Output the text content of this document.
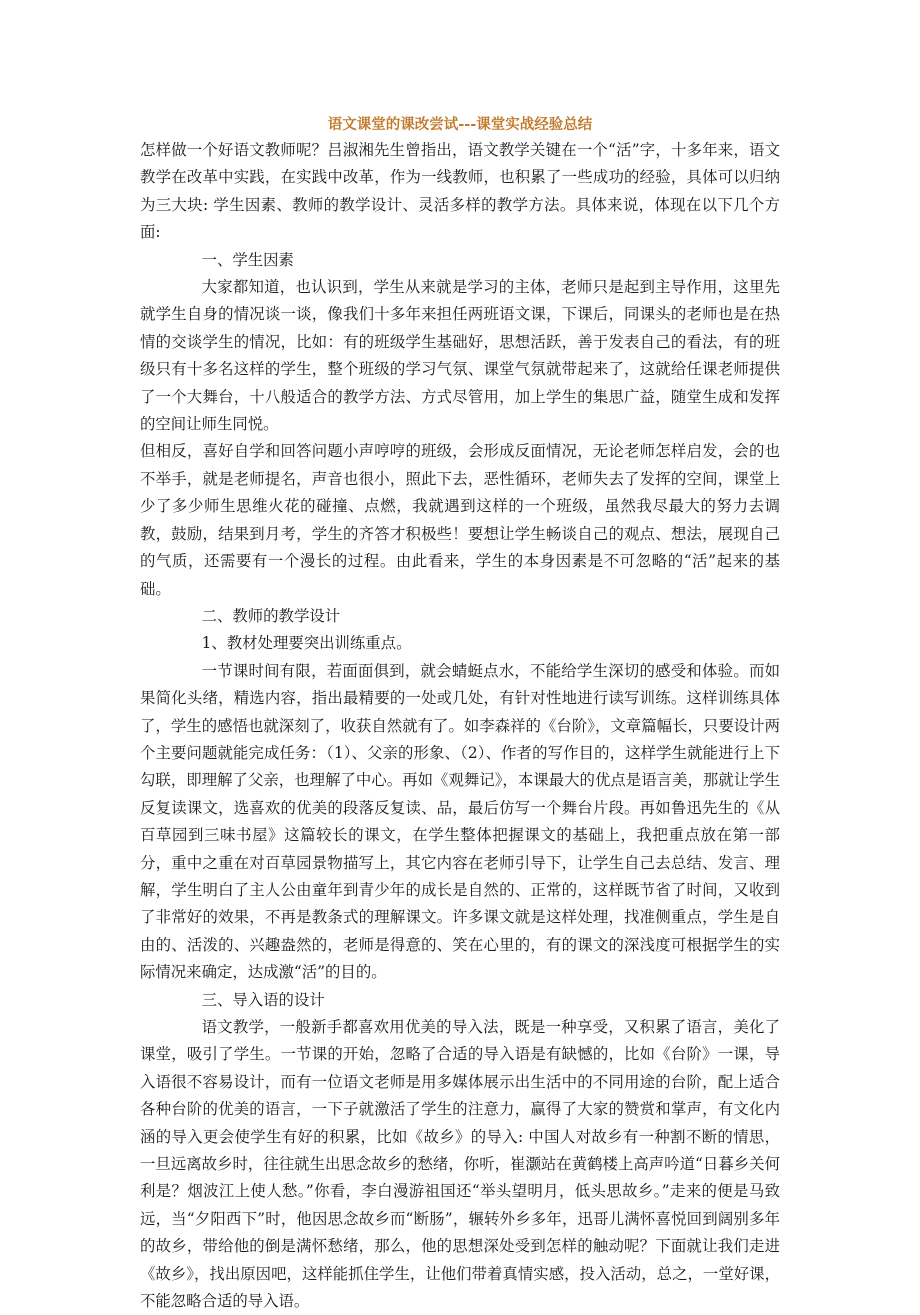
语文课堂的课改尝试---课堂实战经验总结

怎样做一个好语文教师呢？吕淑湘先生曾指出，语文教学关键在一个“活”字，十多年来，语文教学在改革中实践，在实践中改革，作为一线教师，也积累了一些成功的经验，具体可以归纳为三大块: 学生因素、教师的教学设计、灵活多样的教学方法。具体来说，体现在以下几个方面:

一、学生因素

大家都知道，也认识到，学生从来就是学习的主体，老师只是起到主导作用，这里先就学生自身的情况谈一谈，像我们十多年来担任两班语文课，下课后，同课头的老师也是在热情的交谈学生的情况，比如：有的班级学生基础好，思想活跃，善于发表自己的看法，有的班级只有十多名这样的学生，整个班级的学习气氛、课堂气氛就带起来了，这就给任课老师提供了一个大舞台，十八般适合的教学方法、方式尽管用，加上学生的集思广益，随堂生成和发挥的空间让师生同悦。

但相反，喜好自学和回答问题小声哼哼的班级，会形成反面情况，无论老师怎样启发，会的也不举手，就是老师提名，声音也很小，照此下去，恶性循环，老师失去了发挥的空间，课堂上少了多少师生思维火花的碰撞、点燃，我就遇到这样的一个班级，虽然我尽最大的努力去调教，鼓励，结果到月考，学生的齐答才积极些！要想让学生畅谈自己的观点、想法，展现自己的气质，还需要有一个漫长的过程。由此看来，学生的本身因素是不可忽略的“活”起来的基础。

二、教师的教学设计

1、教材处理要突出训练重点。

一节课时间有限，若面面俱到，就会蜻蜓点水，不能给学生深切的感受和体验。而如果简化头绪，精选内容，指出最精要的一处或几处，有针对性地进行读写训练。这样训练具体了，学生的感悟也就深刻了，收获自然就有了。如李森祥的《台阶》，文章篇幅长，只要设计两个主要问题就能完成任务：（1）、父亲的形象、（2）、作者的写作目的，这样学生就能进行上下勾联，即理解了父亲，也理解了中心。再如《观舞记》，本课最大的优点是语言美，那就让学生反复读课文，选喜欢的优美的段落反复读、品，最后仿写一个舞台片段。再如鲁迅先生的《从百草园到三味书屋》这篇较长的课文，在学生整体把握课文的基础上，我把重点放在第一部分，重中之重在对百草园景物描写上，其它内容在老师引导下，让学生自己去总结、发言、理解，学生明白了主人公由童年到青少年的成长是自然的、正常的，这样既节省了时间，又收到了非常好的效果，不再是教条式的理解课文。许多课文就是这样处理，找准侧重点，学生是自由的、活泼的、兴趣盎然的，老师是得意的、笑在心里的，有的课文的深浅度可根据学生的实际情况来确定，达成激“活”的目的。

三、导入语的设计

语文教学，一般新手都喜欢用优美的导入法，既是一种享受，又积累了语言，美化了课堂，吸引了学生。一节课的开始，忽略了合适的导入语是有缺憾的，比如《台阶》一课，导入语很不容易设计，而有一位语文老师是用多媒体展示出生活中的不同用途的台阶，配上适合各种台阶的优美的语言，一下子就激活了学生的注意力，赢得了大家的赞赏和掌声，有文化内涵的导入更会使学生有好的积累，比如《故乡》的导入: 中国人对故乡有一种割不断的情思，一旦远离故乡时，往往就生出思念故乡的愁绪，你听，崔灏站在黄鹤楼上高声吟道“日暮乡关何利是？烟波江上使人愁。”你看，李白漫游祖国还“举头望明月，低头思故乡。”走来的便是马致远，当“夕阳西下”时，他因思念故乡而“断肠”，辗转外乡多年，迅哥儿满怀喜悦回到阔别多年的故乡，带给他的倒是满怀愁绪，那么，他的思想深处受到怎样的触动呢？下面就让我们走进《故乡》，找出原因吧，这样能抓住学生，让他们带着真情实感，投入活动，总之，一堂好课，不能忽略合适的导入语。
